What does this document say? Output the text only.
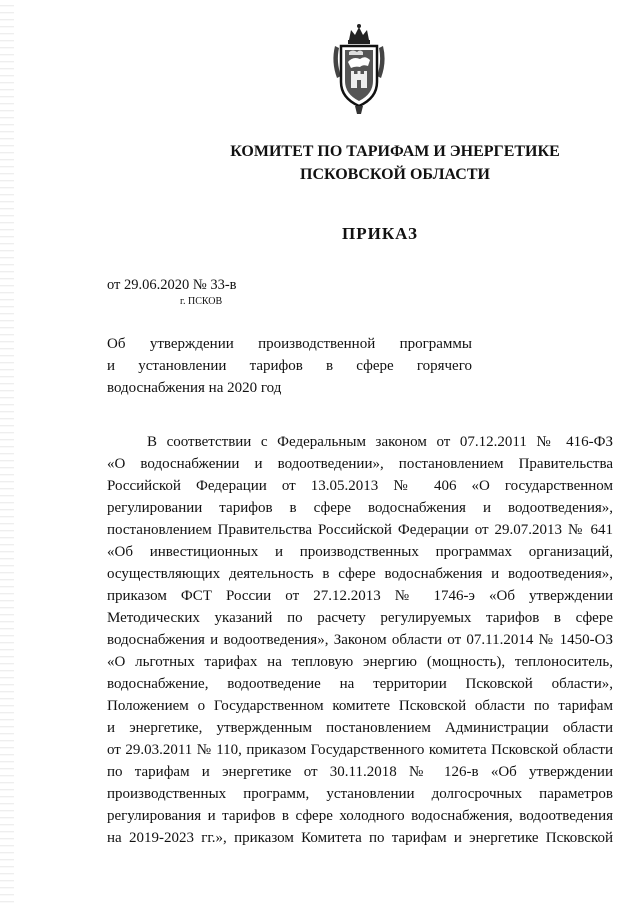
КОМИТЕТ ПО ТАРИФАМ И ЭНЕРГЕТИКЕ
ПСКОВСКОЙ ОБЛАСТИ
ПРИКАЗ
от 29.06.2020 № 33-в
г. ПСКОВ
Об утверждении производственной программы
и установлении тарифов в сфере горячего
водоснабжения на 2020 год
В соответствии с Федеральным законом от 07.12.2011 № 416-ФЗ
«О водоснабжении и водоотведении», постановлением Правительства
Российской Федерации от 13.05.2013 № 406 «О государственном
регулировании тарифов в сфере водоснабжения и водоотведения»,
постановлением Правительства Российской Федерации от 29.07.2013 № 641
«Об инвестиционных и производственных программах организаций,
осуществляющих деятельность в сфере водоснабжения и водоотведения»,
приказом ФСТ России от 27.12.2013 № 1746-э «Об утверждении
Методических указаний по расчету регулируемых тарифов в сфере
водоснабжения и водоотведения», Законом области от 07.11.2014 № 1450-ОЗ
«О льготных тарифах на тепловую энергию (мощность), теплоноситель,
водоснабжение, водоотведение на территории Псковской области»,
Положением о Государственном комитете Псковской области по тарифам
и энергетике, утвержденным постановлением Администрации области
от 29.03.2011 № 110, приказом Государственного комитета Псковской области
по тарифам и энергетике от 30.11.2018 № 126-в «Об утверждении
производственных программ, установлении долгосрочных параметров
регулирования и тарифов в сфере холодного водоснабжения, водоотведения
на 2019-2023 гг.», приказом Комитета по тарифам и энергетике Псковской
